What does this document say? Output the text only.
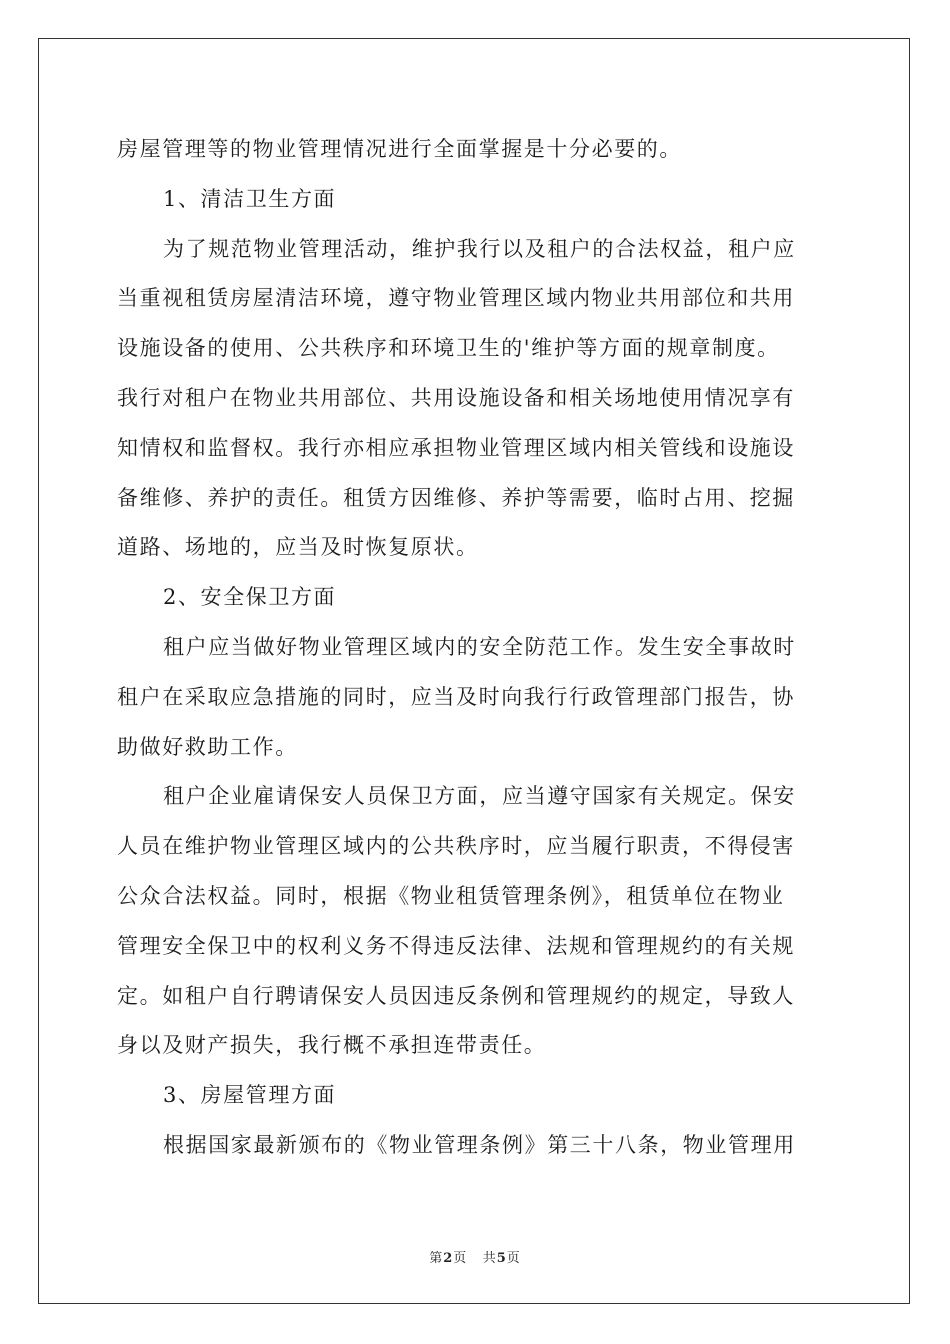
房屋管理等的物业管理情况进行全面掌握是十分必要的。
1、清洁卫生方面
为了规范物业管理活动，维护我行以及租户的合法权益，租户应
当重视租赁房屋清洁环境，遵守物业管理区域内物业共用部位和共用
设施设备的使用、公共秩序和环境卫生的'维护等方面的规章制度。
我行对租户在物业共用部位、共用设施设备和相关场地使用情况享有
知情权和监督权。我行亦相应承担物业管理区域内相关管线和设施设
备维修、养护的责任。租赁方因维修、养护等需要，临时占用、挖掘
道路、场地的，应当及时恢复原状。
2、安全保卫方面
租户应当做好物业管理区域内的安全防范工作。发生安全事故时
租户在采取应急措施的同时，应当及时向我行行政管理部门报告，协
助做好救助工作。
租户企业雇请保安人员保卫方面，应当遵守国家有关规定。保安
人员在维护物业管理区域内的公共秩序时，应当履行职责，不得侵害
公众合法权益。同时，根据《物业租赁管理条例》，租赁单位在物业
管理安全保卫中的权利义务不得违反法律、法规和管理规约的有关规
定。如租户自行聘请保安人员因违反条例和管理规约的规定，导致人
身以及财产损失，我行概不承担连带责任。
3、房屋管理方面
根据国家最新颁布的《物业管理条例》第三十八条，物业管理用
第2页 共5页
